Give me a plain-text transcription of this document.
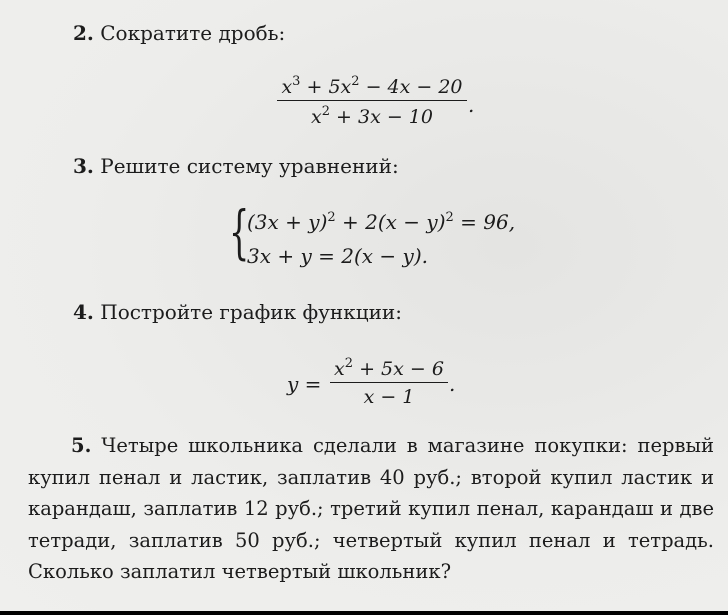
2. Сократите дробь:
$x^3 + 5x^2 - 4x - 20$
$x^2 + 3x - 10$	.
3. Решите систему уравнений:
{
$(3x + y)^2 + 2(x - y)^2 = 96$,
3x + y = 2(x − y).
4. Постройте график функции:
y =
$x^2 + 5x - 6$
x − 1
.
5. Четыре школьника сделали в магазине покупки: первый купил пенал и ластик, заплатив 40 руб.; второй купил ластик и карандаш, заплатив 12 руб.; третий купил пенал, карандаш и две тетради, заплатив 50 руб.; четвертый купил пенал и тетрадь. Сколько заплатил четвертый школьник?
